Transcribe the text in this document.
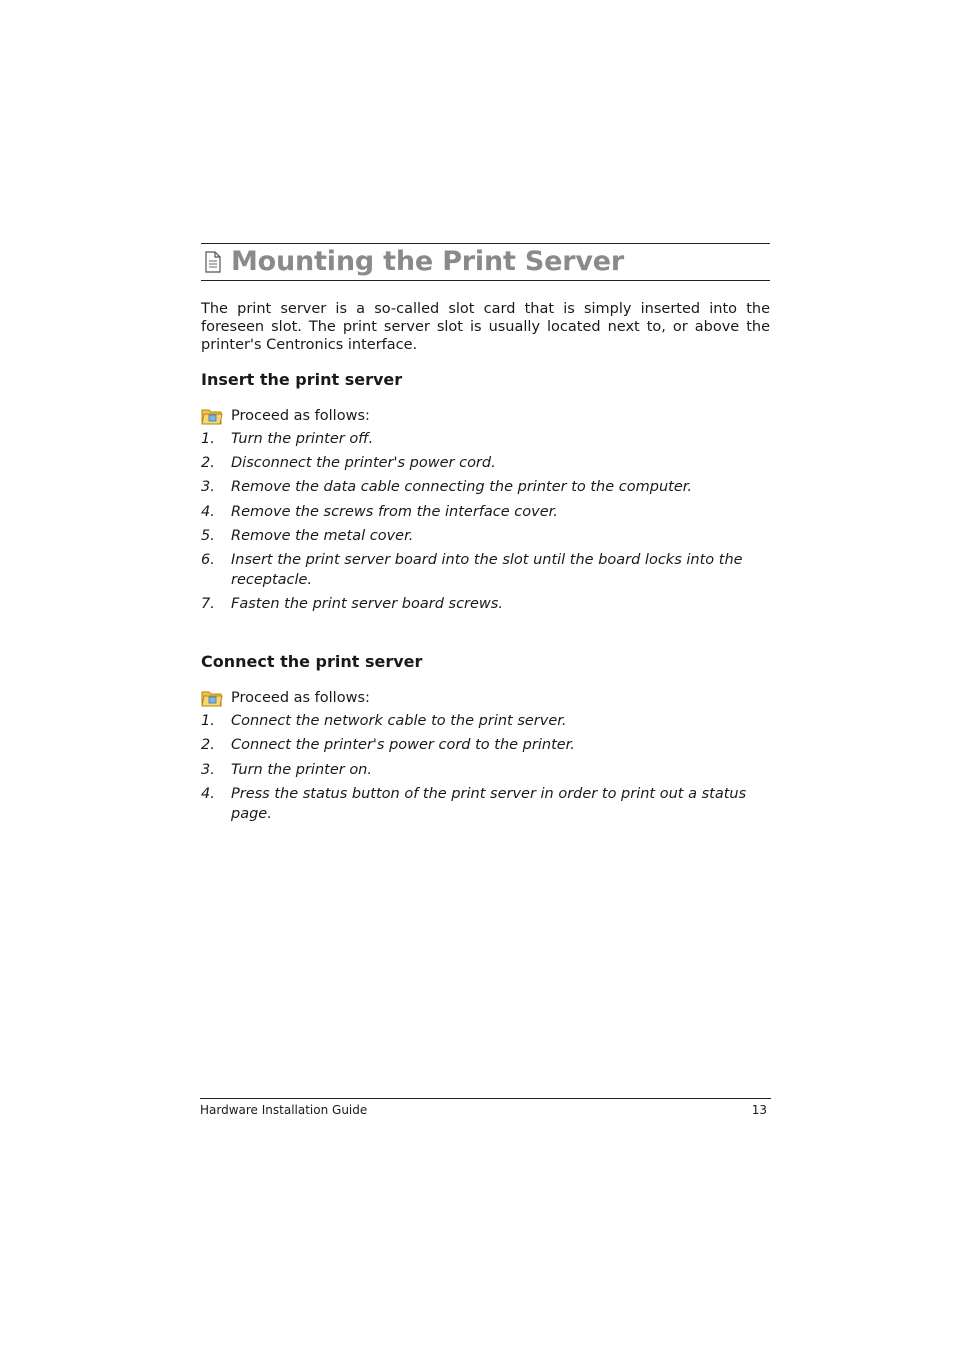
Mounting the Print Server

The print server is a so-called slot card that is simply inserted into the foreseen slot. The print server slot is usually located next to, or above the printer's Centronics interface.

Insert the print server
Proceed as follows:
1.	Turn the printer off.
2.	Disconnect the printer's power cord.
3.	Remove the data cable connecting the printer to the computer.
4.	Remove the screws from the interface cover.
5.	Remove the metal cover.
6.	Insert the print server board into the slot until the board locks into the receptacle.
7.	Fasten the print server board screws.
Connect the print server
Proceed as follows:
1.	Connect the network cable to the print server.
2.	Connect the printer's power cord to the printer.
3.	Turn the printer on.
4.	Press the status button of the print server in order to print out a status page.
Hardware Installation Guide	13
